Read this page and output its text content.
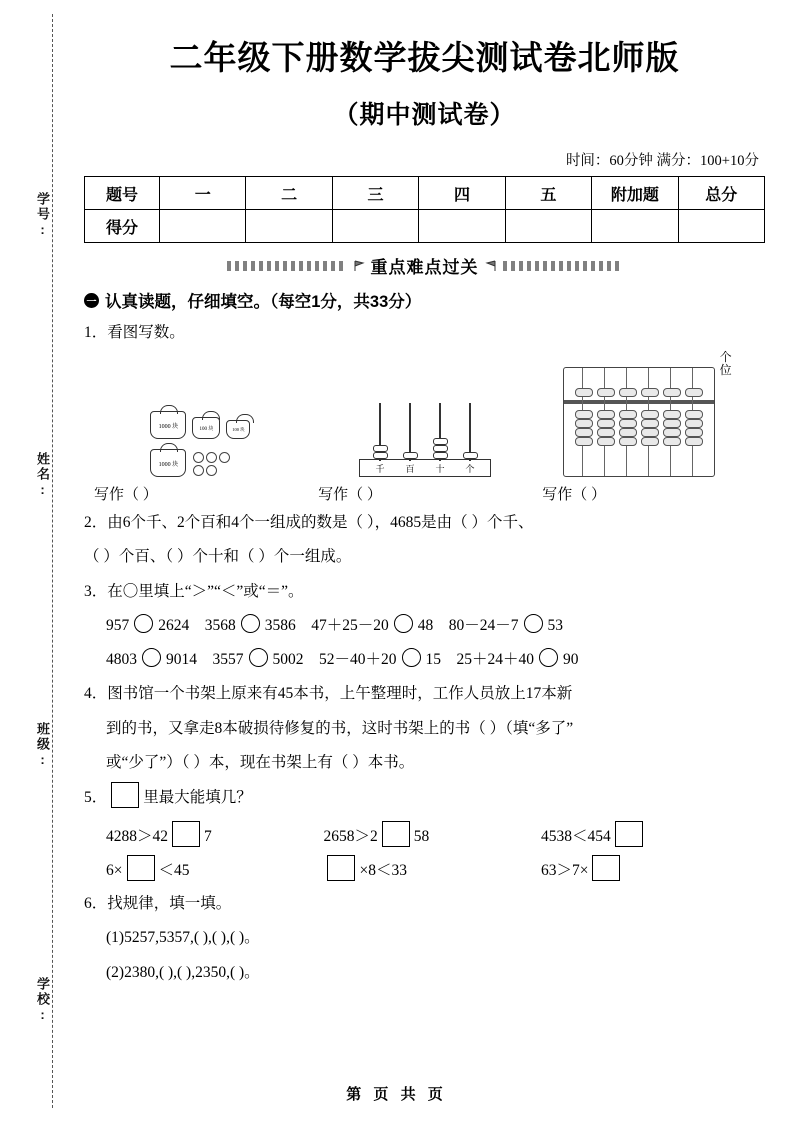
学号:
姓名:
班级:
学校:
二年级下册数学拔尖测试卷北师版
（期中测试卷）
时间：60分钟 满分：100+10分
题号	一	二	三	四	五	附加题	总分
得分							
重点难点过关
一 认真读题，仔细填空。（每空1分，共33分）
1．看图写数。
1000 块	100 块	100 块
1000 块
写作（ ）
千 百 十 个
写作（ ）
个位
写作（ ）
2．由6个千、2个百和4个一组成的数是（ ），4685是由（ ）个千、
（ ）个百、（ ）个十和（ ）个一组成。
3．在〇里填上“＞”“＜”或“＝”。
957 2624 3568 3586 47＋25－20 48 80－24－7 53
4803 9014 3557 5002 52－40＋20 15 25＋24＋40 90
4．图书馆一个书架上原来有45本书，上午整理时，工作人员放上17本新
到的书，又拿走8本破损待修复的书，这时书架上的书（ ）（填“多了”
或“少了”）（ ）本，现在书架上有（ ）本书。
5． 里最大能填几？
4288＞42 7	2658＞2 58	4538＜454
6× ＜45	×8＜33	63＞7×
6．找规律，填一填。
(1)5257,5357,( ),( ),( )。
(2)2380,( ),( ),2350,( )。
第 页 共 页
